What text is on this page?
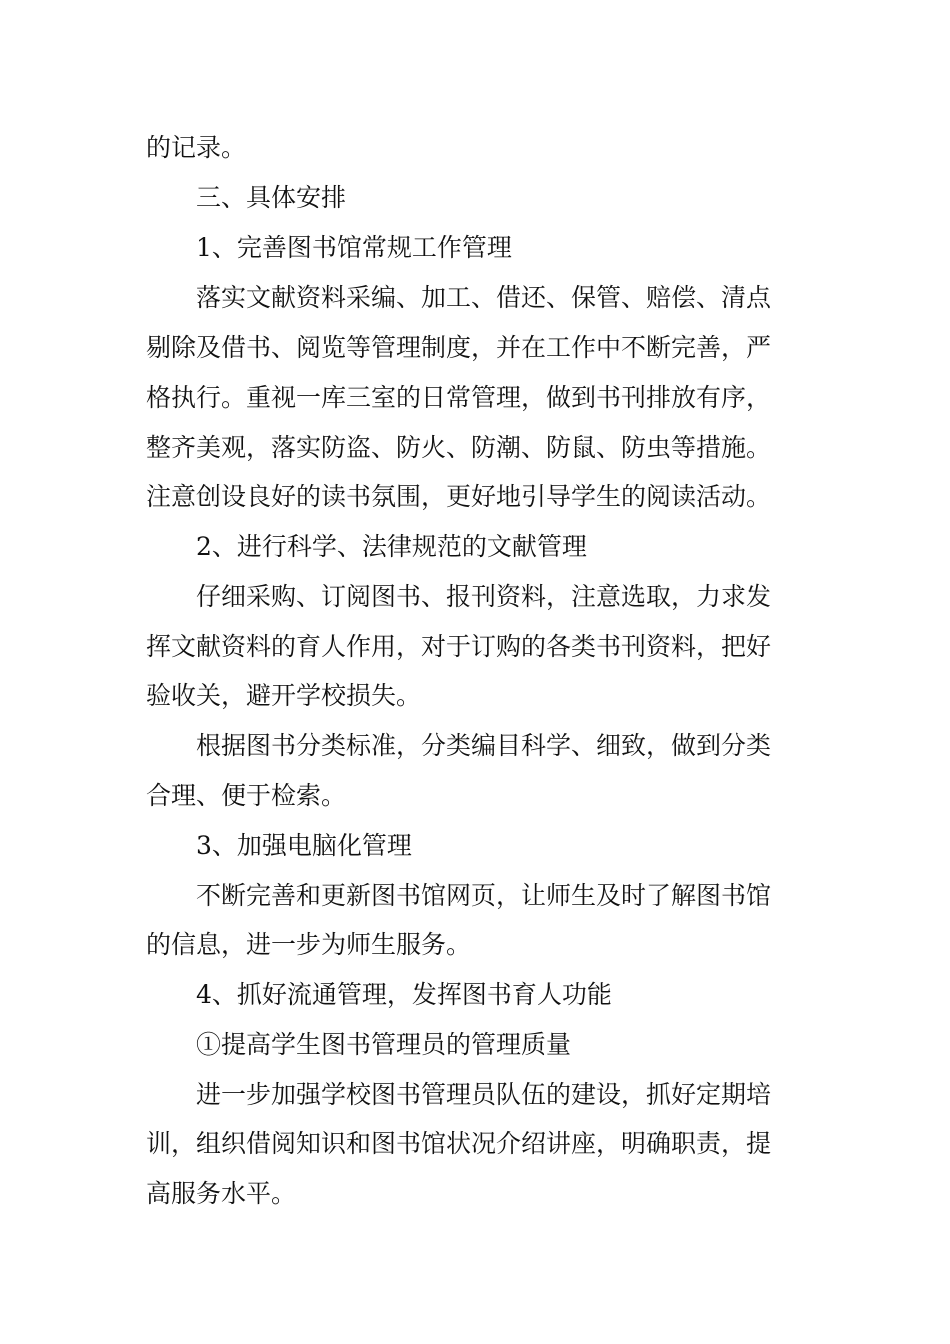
的记录。
三、具体安排
1、完善图书馆常规工作管理
落实文献资料采编、加工、借还、保管、赔偿、清点
剔除及借书、阅览等管理制度，并在工作中不断完善，严
格执行。重视一库三室的日常管理，做到书刊排放有序，
整齐美观，落实防盗、防火、防潮、防鼠、防虫等措施。
注意创设良好的读书氛围，更好地引导学生的阅读活动。
2、进行科学、法律规范的文献管理
仔细采购、订阅图书、报刊资料，注意选取，力求发
挥文献资料的育人作用，对于订购的各类书刊资料，把好
验收关，避开学校损失。
根据图书分类标准，分类编目科学、细致，做到分类
合理、便于检索。
3、加强电脑化管理
不断完善和更新图书馆网页，让师生及时了解图书馆
的信息，进一步为师生服务。
4、抓好流通管理，发挥图书育人功能
①提高学生图书管理员的管理质量
进一步加强学校图书管理员队伍的建设，抓好定期培
训，组织借阅知识和图书馆状况介绍讲座，明确职责，提
高服务水平。
